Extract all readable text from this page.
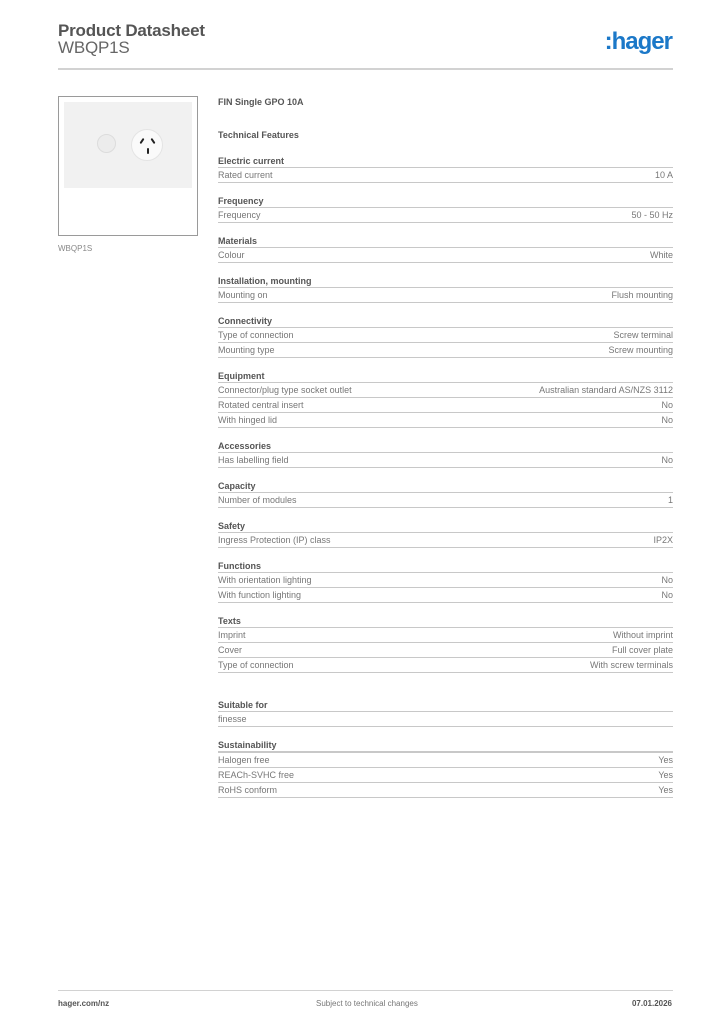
Product Datasheet
WBQP1S	:hager
WBQP1S
FIN Single GPO 10A
Technical Features
Electric current
Rated current	10 A
Frequency
Frequency	50 - 50 Hz
Materials
Colour	White
Installation, mounting
Mounting on	Flush mounting
Connectivity
Type of connection	Screw terminal
Mounting type	Screw mounting
Equipment
Connector/plug type socket outlet	Australian standard AS/NZS 3112
Rotated central insert	No
With hinged lid	No
Accessories
Has labelling field	No
Capacity
Number of modules	1
Safety
Ingress Protection (IP) class	IP2X
Functions
With orientation lighting	No
With function lighting	No
Texts
Imprint	Without imprint
Cover	Full cover plate
Type of connection	With screw terminals
Suitable for
finesse
Sustainability
Halogen free	Yes
REACh-SVHC free	Yes
RoHS conform	Yes
hager.com/nz	Subject to technical changes	07.01.2026
